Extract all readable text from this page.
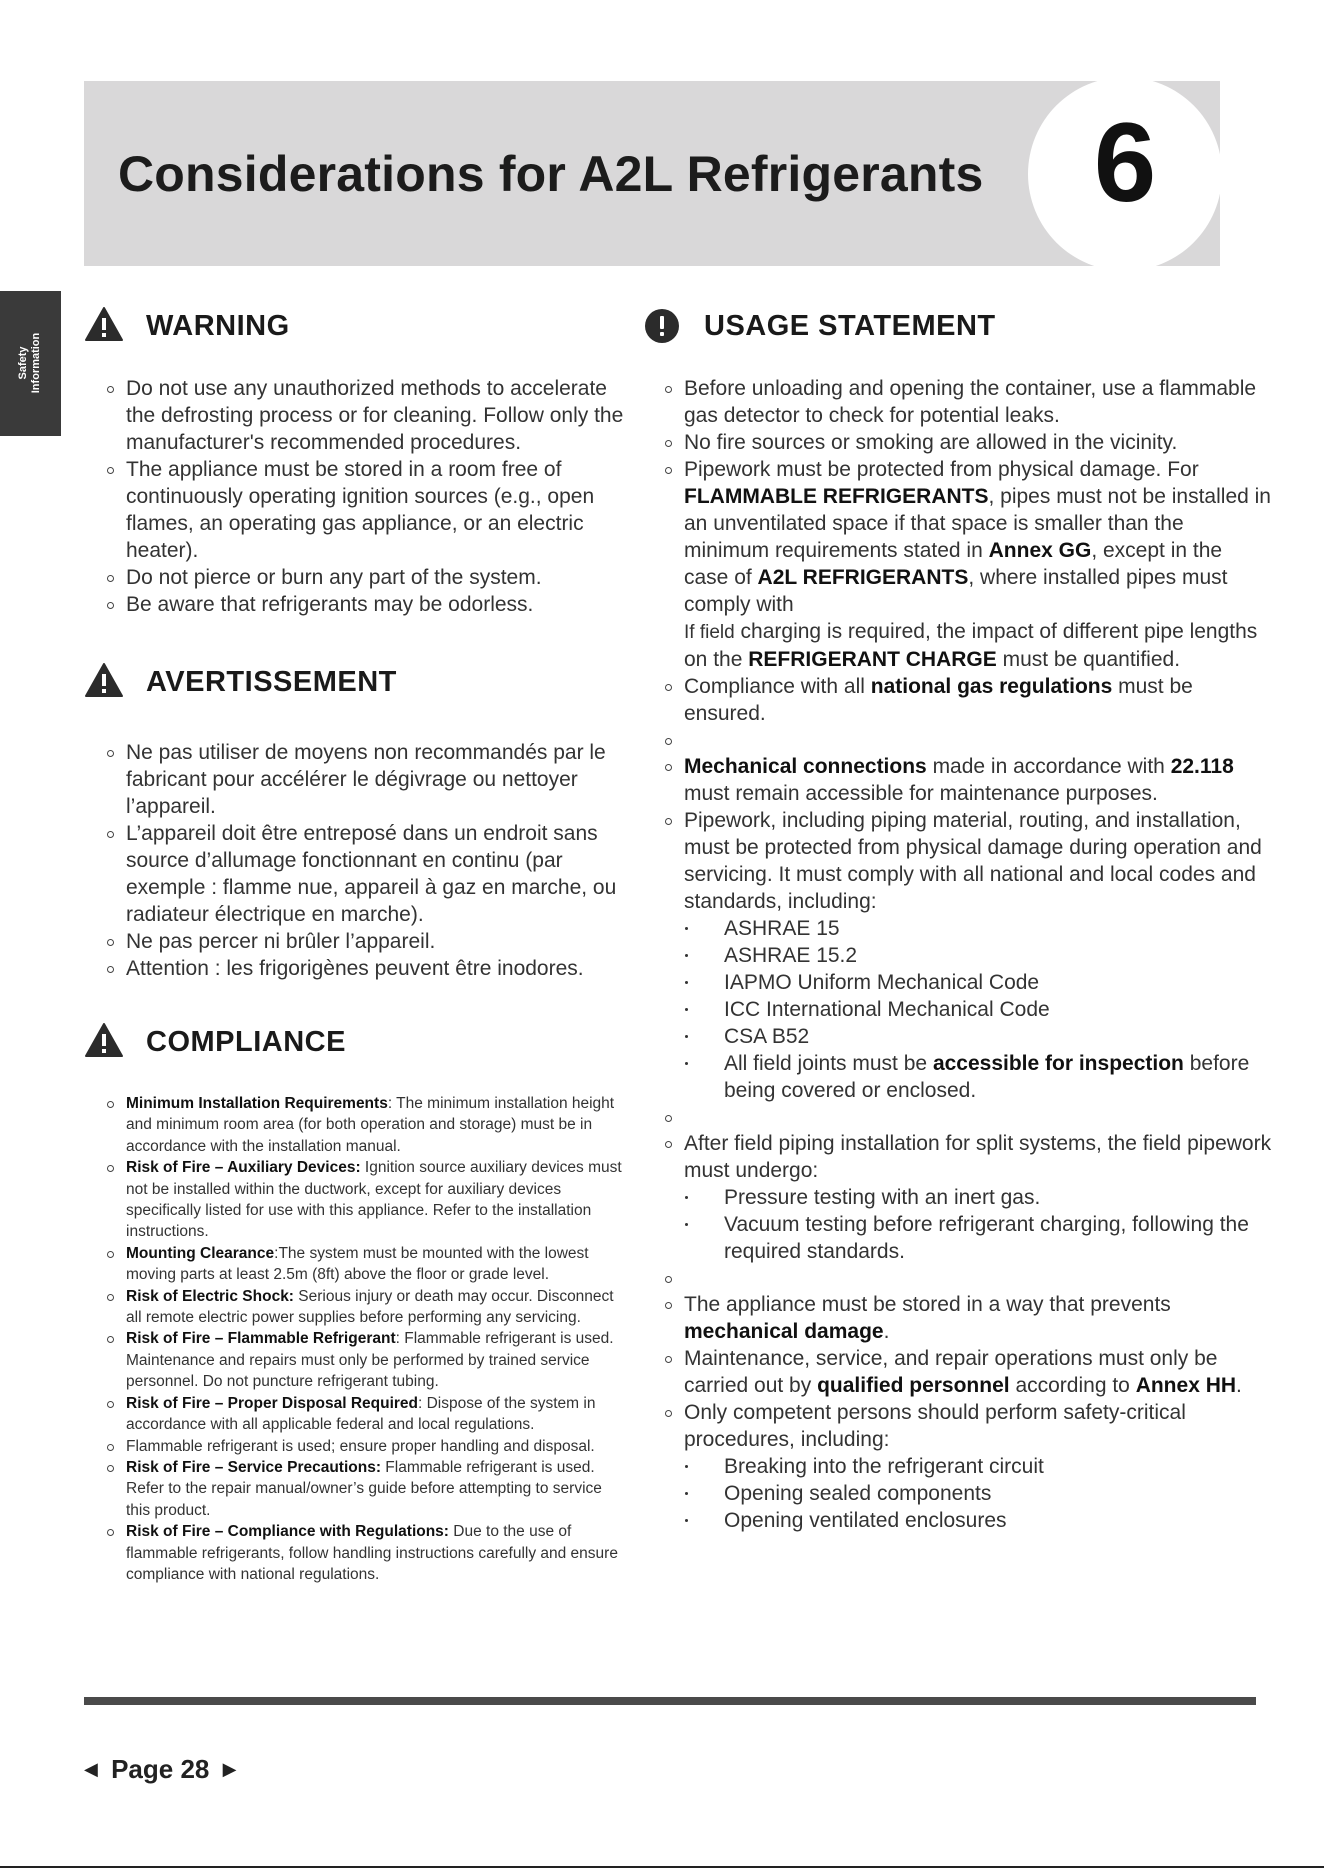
Considerations for A2L Refrigerants 6
Safety Information
WARNING
Do not use any unauthorized methods to accelerate the defrosting process or for cleaning. Follow only the manufacturer's recommended procedures.
The appliance must be stored in a room free of continuously operating ignition sources (e.g., open flames, an operating gas appliance, or an electric heater).
Do not pierce or burn any part of the system.
Be aware that refrigerants may be odorless.
AVERTISSEMENT
Ne pas utiliser de moyens non recommandés par le fabricant pour accélérer le dégivrage ou nettoyer l’appareil.
L’appareil doit être entreposé dans un endroit sans source d’allumage fonctionnant en continu (par exemple : flamme nue, appareil à gaz en marche, ou radiateur électrique en marche).
Ne pas percer ni brûler l’appareil.
Attention : les frigorigènes peuvent être inodores.
COMPLIANCE
Minimum Installation Requirements: The minimum installation height and minimum room area (for both operation and storage) must be in accordance with the installation manual.
Risk of Fire – Auxiliary Devices: Ignition source auxiliary devices must not be installed within the ductwork, except for auxiliary devices specifically listed for use with this appliance. Refer to the installation instructions.
Mounting Clearance:The system must be mounted with the lowest moving parts at least 2.5m (8ft) above the floor or grade level.
Risk of Electric Shock: Serious injury or death may occur. Disconnect all remote electric power supplies before performing any servicing.
Risk of Fire – Flammable Refrigerant: Flammable refrigerant is used. Maintenance and repairs must only be performed by trained service personnel. Do not puncture refrigerant tubing.
Risk of Fire – Proper Disposal Required: Dispose of the system in accordance with all applicable federal and local regulations.
Flammable refrigerant is used; ensure proper handling and disposal.
Risk of Fire – Service Precautions: Flammable refrigerant is used. Refer to the repair manual/owner’s guide before attempting to service this product.
Risk of Fire – Compliance with Regulations: Due to the use of flammable refrigerants, follow handling instructions carefully and ensure compliance with national regulations.
USAGE STATEMENT
Before unloading and opening the container, use a flammable gas detector to check for potential leaks.
No fire sources or smoking are allowed in the vicinity.
Pipework must be protected from physical damage. For FLAMMABLE REFRIGERANTS, pipes must not be installed in an unventilated space if that space is smaller than the minimum requirements stated in Annex GG, except in the case of A2L REFRIGERANTS, where installed pipes must comply with
If field charging is required, the impact of different pipe lengths on the REFRIGERANT CHARGE must be quantified.
Compliance with all national gas regulations must be ensured.
Mechanical connections made in accordance with 22.118 must remain accessible for maintenance purposes.
Pipework, including piping material, routing, and installation, must be protected from physical damage during operation and servicing. It must comply with all national and local codes and standards, including:
ASHRAE 15
ASHRAE 15.2
IAPMO Uniform Mechanical Code
ICC International Mechanical Code
CSA B52
All field joints must be accessible for inspection before being covered or enclosed.
After field piping installation for split systems, the field pipework must undergo:
Pressure testing with an inert gas.
Vacuum testing before refrigerant charging, following the required standards.
The appliance must be stored in a way that prevents mechanical damage.
Maintenance, service, and repair operations must only be carried out by qualified personnel according to Annex HH.
Only competent persons should perform safety-critical procedures, including:
Breaking into the refrigerant circuit
Opening sealed components
Opening ventilated enclosures
◀ Page 28 ▶
